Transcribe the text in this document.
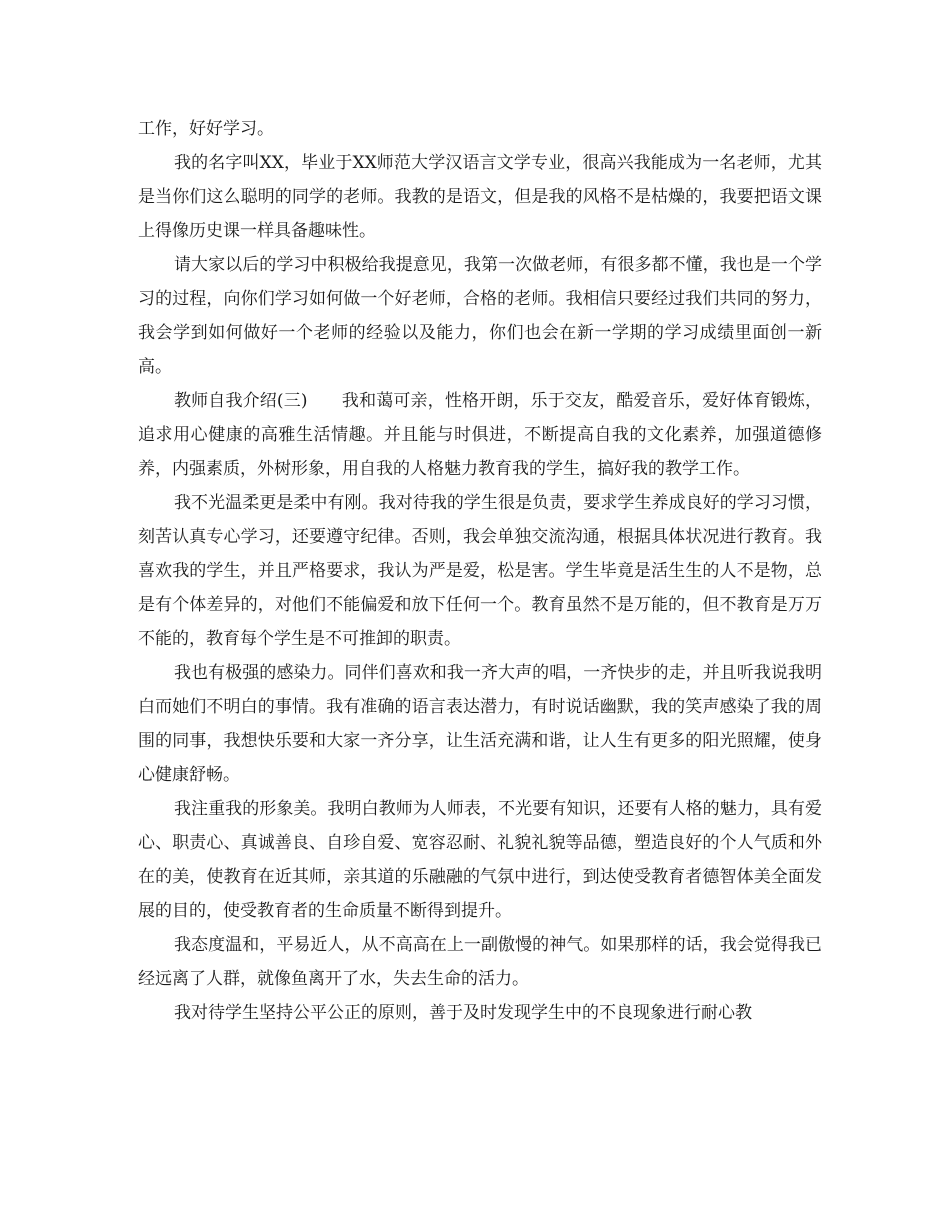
工作，好好学习。

我的名字叫XX，毕业于XX师范大学汉语言文学专业，很高兴我能成为一名老师，尤其是当你们这么聪明的同学的老师。我教的是语文，但是我的风格不是枯燥的，我要把语文课上得像历史课一样具备趣味性。

请大家以后的学习中积极给我提意见，我第一次做老师，有很多都不懂，我也是一个学习的过程，向你们学习如何做一个好老师，合格的老师。我相信只要经过我们共同的努力，我会学到如何做好一个老师的经验以及能力，你们也会在新一学期的学习成绩里面创一新高。

教师自我介绍(三)　　我和蔼可亲，性格开朗，乐于交友，酷爱音乐，爱好体育锻炼，追求用心健康的高雅生活情趣。并且能与时俱进，不断提高自我的文化素养，加强道德修养，内强素质，外树形象，用自我的人格魅力教育我的学生，搞好我的教学工作。

我不光温柔更是柔中有刚。我对待我的学生很是负责，要求学生养成良好的学习习惯，刻苦认真专心学习，还要遵守纪律。否则，我会单独交流沟通，根据具体状况进行教育。我喜欢我的学生，并且严格要求，我认为严是爱，松是害。学生毕竟是活生生的人不是物，总是有个体差异的，对他们不能偏爱和放下任何一个。教育虽然不是万能的，但不教育是万万不能的，教育每个学生是不可推卸的职责。

我也有极强的感染力。同伴们喜欢和我一齐大声的唱，一齐快步的走，并且听我说我明白而她们不明白的事情。我有准确的语言表达潜力，有时说话幽默，我的笑声感染了我的周围的同事，我想快乐要和大家一齐分享，让生活充满和谐，让人生有更多的阳光照耀，使身心健康舒畅。

我注重我的形象美。我明白教师为人师表，不光要有知识，还要有人格的魅力，具有爱心、职责心、真诚善良、自珍自爱、宽容忍耐、礼貌礼貌等品德，塑造良好的个人气质和外在的美，使教育在近其师，亲其道的乐融融的气氛中进行，到达使受教育者德智体美全面发展的目的，使受教育者的生命质量不断得到提升。

我态度温和，平易近人，从不高高在上一副傲慢的神气。如果那样的话，我会觉得我已经远离了人群，就像鱼离开了水，失去生命的活力。

我对待学生坚持公平公正的原则，善于及时发现学生中的不良现象进行耐心教
